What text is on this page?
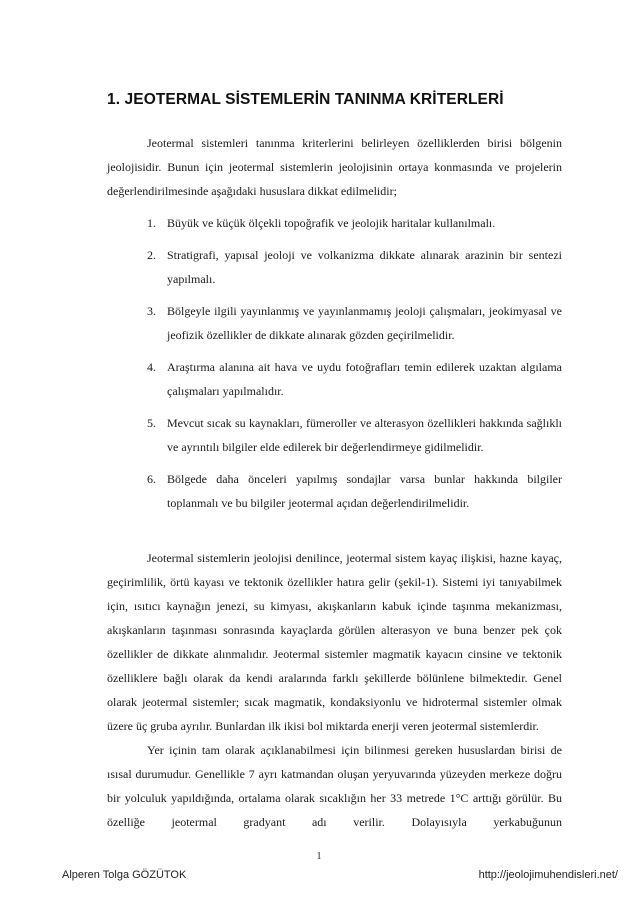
1. JEOTERMAL SİSTEMLERİN TANINMA KRİTERLERİ

Jeotermal sistemleri tanınma kriterlerini belirleyen özelliklerden birisi bölgenin jeolojisidir. Bunun için jeotermal sistemlerin jeolojisinin ortaya konmasında ve projelerin değerlendirilmesinde aşağıdaki hususlara dikkat edilmelidir;

1. Büyük ve küçük ölçekli topoğrafik ve jeolojik haritalar kullanılmalı.
2. Stratigrafi, yapısal jeoloji ve volkanizma dikkate alınarak arazinin bir sentezi yapılmalı.
3. Bölgeyle ilgili yayınlanmış ve yayınlanmamış jeoloji çalışmaları, jeokimyasal ve jeofizik özellikler de dikkate alınarak gözden geçirilmelidir.
4. Araştırma alanına ait hava ve uydu fotoğrafları temin edilerek uzaktan algılama çalışmaları yapılmalıdır.
5. Mevcut sıcak su kaynakları, fümeroller ve alterasyon özellikleri hakkında sağlıklı ve ayrıntılı bilgiler elde edilerek bir değerlendirmeye gidilmelidir.
6. Bölgede daha önceleri yapılmış sondajlar varsa bunlar hakkında bilgiler toplanmalı ve bu bilgiler jeotermal açıdan değerlendirilmelidir.

Jeotermal sistemlerin jeolojisi denilince, jeotermal sistem kayaç ilişkisi, hazne kayaç, geçirimlilik, örtü kayası ve tektonik özellikler hatıra gelir (şekil-1). Sistemi iyi tanıyabilmek için, ısıtıcı kaynağın jenezi, su kimyası, akışkanların kabuk içinde taşınma mekanizması, akışkanların taşınması sonrasında kayaçlarda görülen alterasyon ve buna benzer pek çok özellikler de dikkate alınmalıdır. Jeotermal sistemler magmatik kayacın cinsine ve tektonik özelliklere bağlı olarak da kendi aralarında farklı şekillerde bölünlene bilmektedir. Genel olarak jeotermal sistemler; sıcak magmatik, kondaksiyonlu ve hidrotermal sistemler olmak üzere üç gruba ayrılır. Bunlardan ilk ikisi bol miktarda enerji veren jeotermal sistemlerdir.

Yer içinin tam olarak açıklanabilmesi için bilinmesi gereken hususlardan birisi de ısısal durumudur. Genellikle 7 ayrı katmandan oluşan yeryuvarında yüzeyden merkeze doğru bir yolculuk yapıldığında, ortalama olarak sıcaklığın her 33 metrede 1°C arttığı görülür. Bu özelliğe jeotermal gradyant adı verilir. Dolayısıyla yerkabuğunun

1
Alperen Tolga GÖZÜTOK	http://jeolojimuhendisleri.net/
